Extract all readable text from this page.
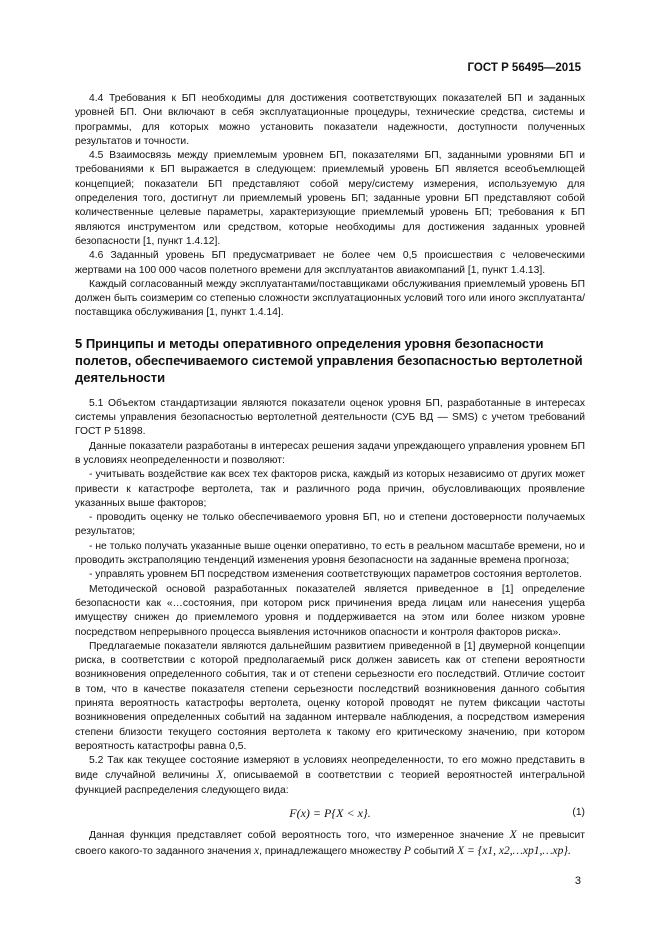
ГОСТ Р 56495—2015

4.4 Требования к БП необходимы для достижения соответствующих показателей БП и заданных уровней БП. Они включают в себя эксплуатационные процедуры, технические средства, системы и программы, для которых можно установить показатели надежности, доступности полученных результатов и точности.

4.5 Взаимосвязь между приемлемым уровнем БП, показателями БП, заданными уровнями БП и требованиями к БП выражается в следующем: приемлемый уровень БП является всеобъемлющей концепцией; показатели БП представляют собой меру/систему измерения, используемую для определения того, достигнут ли приемлемый уровень БП; заданные уровни БП представляют собой количественные целевые параметры, характеризующие приемлемый уровень БП; требования к БП являются инструментом или средством, которые необходимы для достижения заданных уровней безопасности [1, пункт 1.4.12].

4.6 Заданный уровень БП предусматривает не более чем 0,5 происшествия с человеческими жертвами на 100 000 часов полетного времени для эксплуатантов авиакомпаний [1, пункт 1.4.13].

Каждый согласованный между эксплуатантами/поставщиками обслуживания приемлемый уровень БП должен быть соизмерим со степенью сложности эксплуатационных условий того или иного эксплуатанта/поставщика обслуживания [1, пункт 1.4.14].

5 Принципы и методы оперативного определения уровня безопасности полетов, обеспечиваемого системой управления безопасностью вертолетной деятельности

5.1 Объектом стандартизации являются показатели оценок уровня БП, разработанные в интересах системы управления безопасностью вертолетной деятельности (СУБ ВД — SMS) с учетом требований ГОСТ Р 51898.

Данные показатели разработаны в интересах решения задачи упреждающего управления уровнем БП в условиях неопределенности и позволяют:

- учитывать воздействие как всех тех факторов риска, каждый из которых независимо от других может привести к катастрофе вертолета, так и различного рода причин, обусловливающих проявление указанных выше факторов;

- проводить оценку не только обеспечиваемого уровня БП, но и степени достоверности получаемых результатов;

- не только получать указанные выше оценки оперативно, то есть в реальном масштабе времени, но и проводить экстраполяцию тенденций изменения уровня безопасности на заданные времена прогноза;

- управлять уровнем БП посредством изменения соответствующих параметров состояния вертолетов.

Методической основой разработанных показателей является приведенное в [1] определение безопасности как «…состояния, при котором риск причинения вреда лицам или нанесения ущерба имуществу снижен до приемлемого уровня и поддерживается на этом или более низком уровне посредством непрерывного процесса выявления источников опасности и контроля факторов риска».

Предлагаемые показатели являются дальнейшим развитием приведенной в [1] двумерной концепции риска, в соответствии с которой предполагаемый риск должен зависеть как от степени вероятности возникновения определенного события, так и от степени серьезности его последствий. Отличие состоит в том, что в качестве показателя степени серьезности последствий возникновения данного события принята вероятность катастрофы вертолета, оценку которой проводят не путем фиксации частоты возникновения определенных событий на заданном интервале наблюдения, а посредством измерения степени близости текущего состояния вертолета к такому его критическому значению, при котором вероятность катастрофы равна 0,5.

5.2 Так как текущее состояние измеряют в условиях неопределенности, то его можно представить в виде случайной величины X, описываемой в соответствии с теорией вероятностей интегральной функцией распределения следующего вида:

F(x) = P{X < x}.	(1)

Данная функция представляет собой вероятность того, что измеренное значение X не превысит своего какого-то заданного значения x, принадлежащего множеству P событий X = {x1, x2,…xp1,…xp}.

3
